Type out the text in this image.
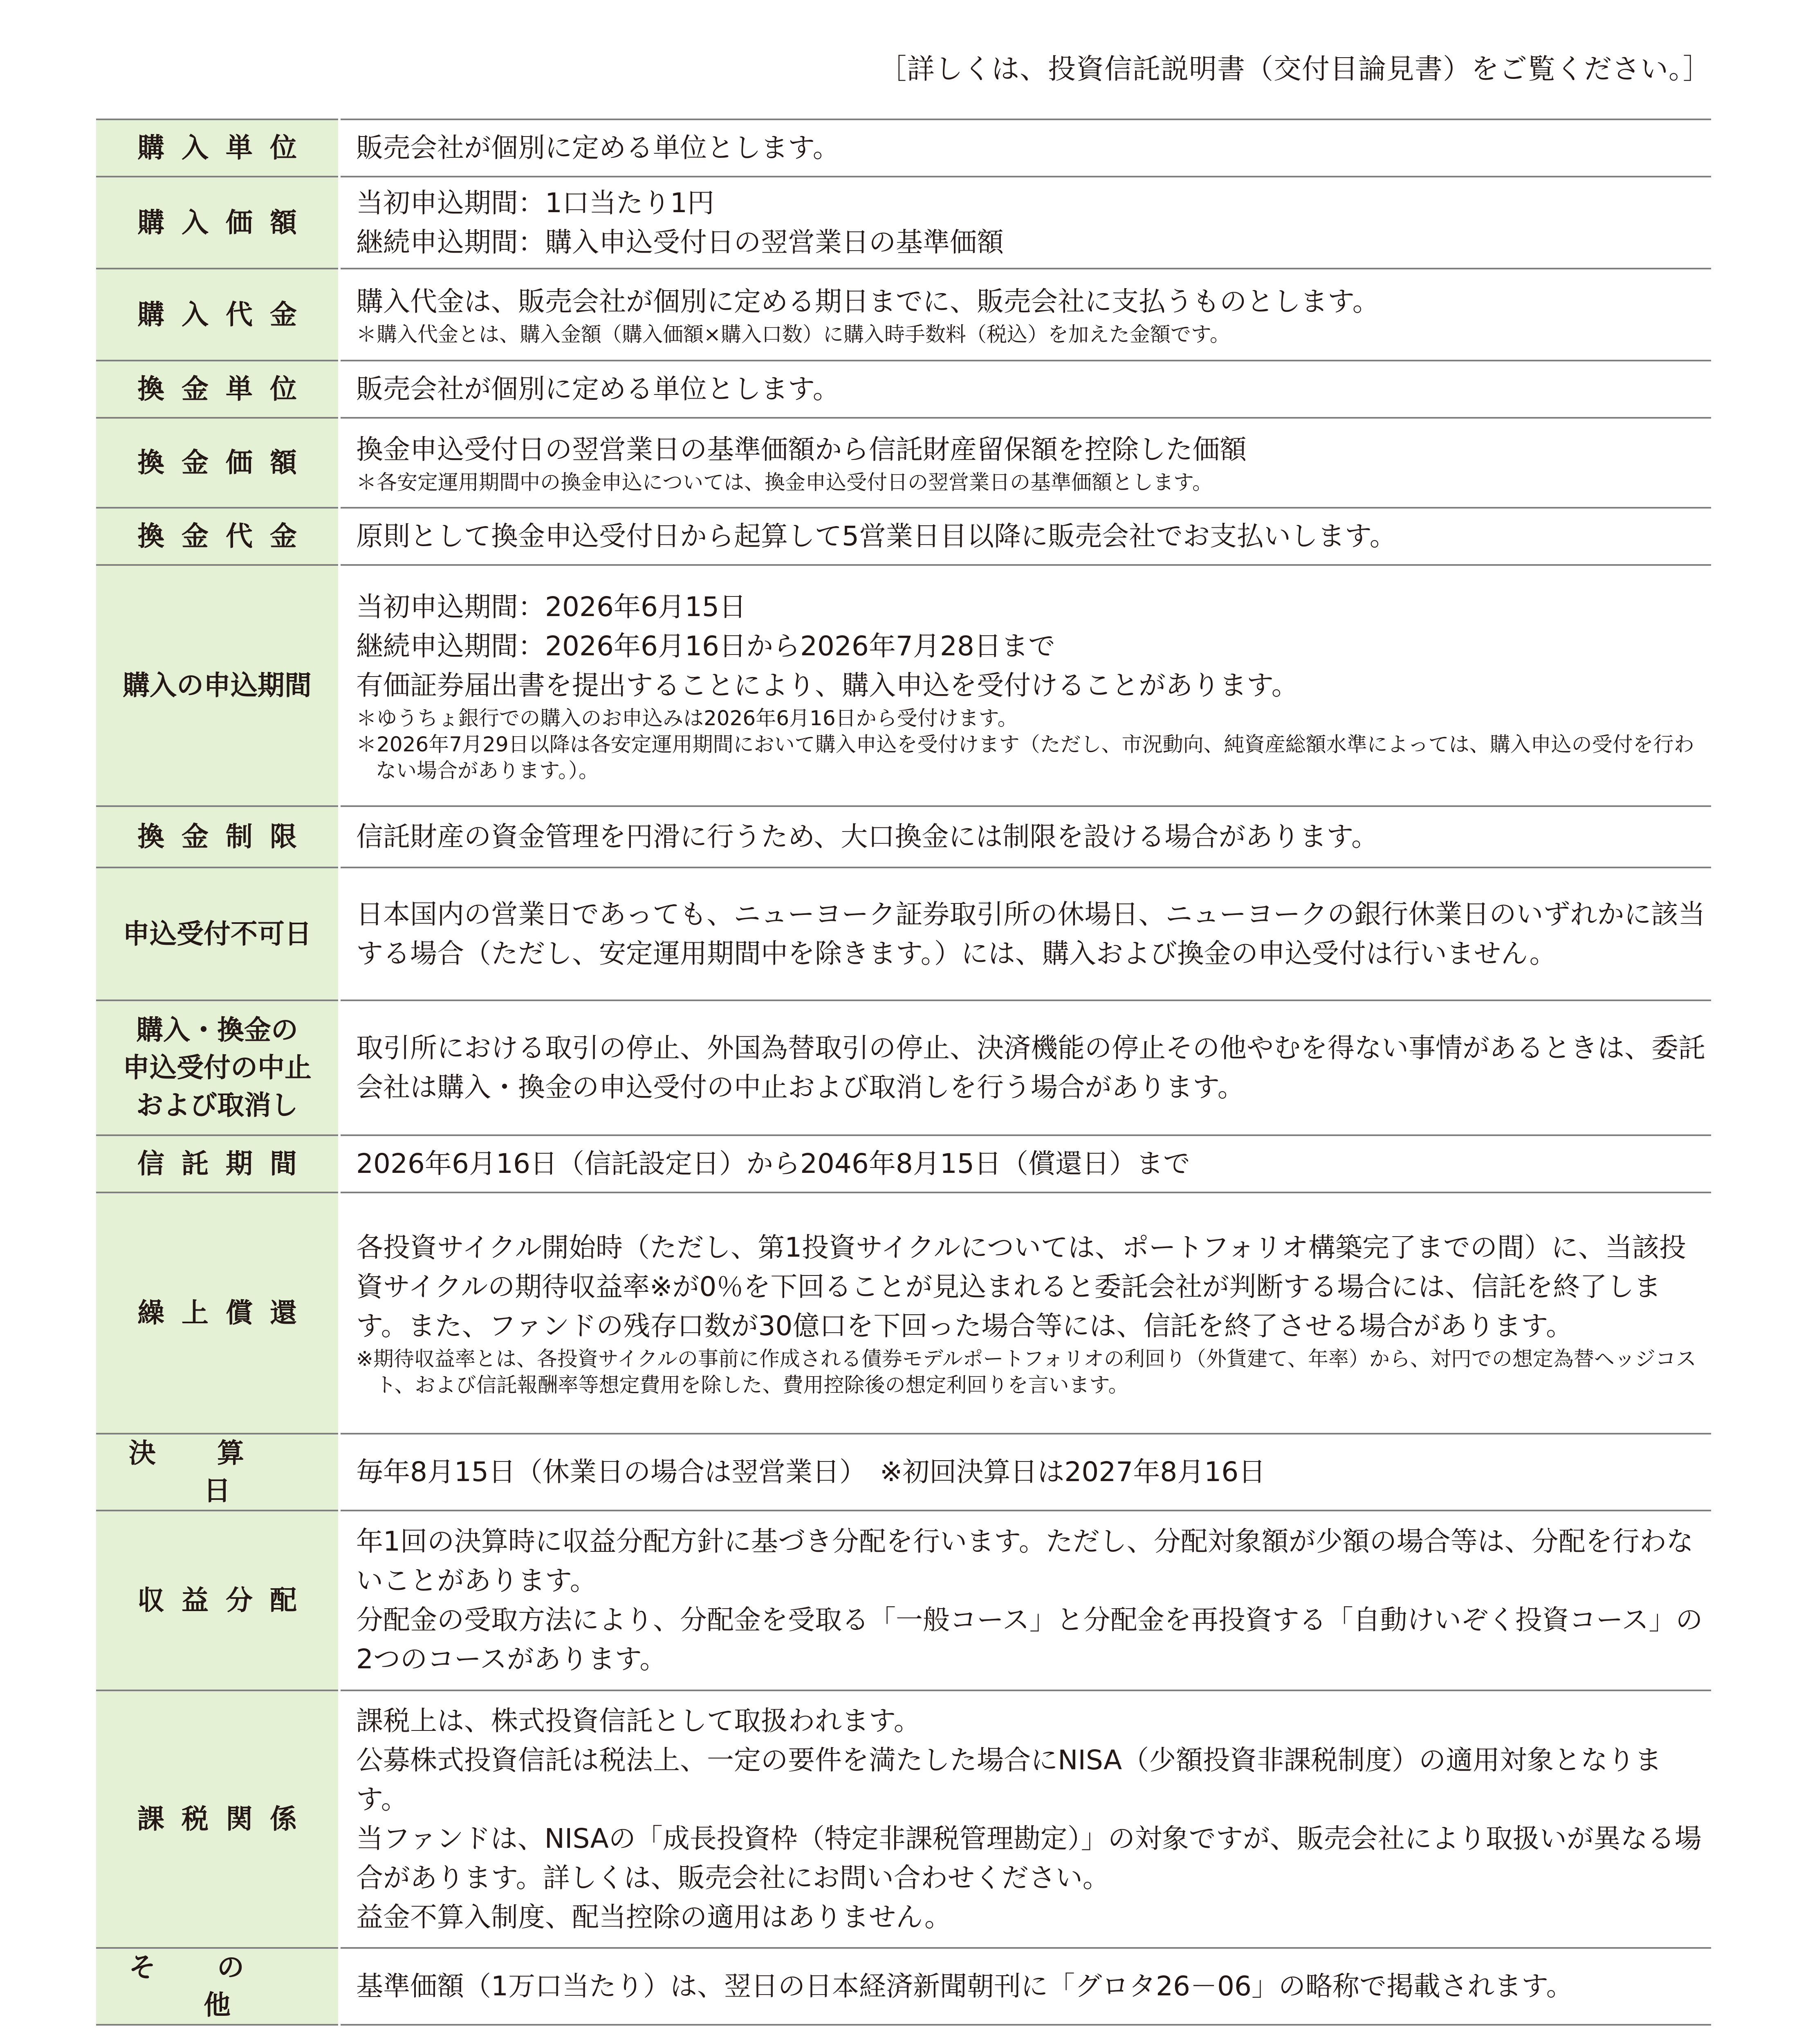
［詳しくは、投資信託説明書（交付目論見書）をご覧ください。］
購入単位	販売会社が個別に定める単位とします。

購入価額	当初申込期間：1口当たり1円
継続申込期間：購入申込受付日の翌営業日の基準価額

購入代金	購入代金は、販売会社が個別に定める期日までに、販売会社に支払うものとします。
＊購入代金とは、購入金額（購入価額×購入口数）に購入時手数料（税込）を加えた金額です。

換金単位	販売会社が個別に定める単位とします。

換金価額	換金申込受付日の翌営業日の基準価額から信託財産留保額を控除した価額
＊各安定運用期間中の換金申込については、換金申込受付日の翌営業日の基準価額とします。

換金代金	原則として換金申込受付日から起算して5営業日目以降に販売会社でお支払いします。

購入の申込期間	当初申込期間：2026年6月15日
継続申込期間：2026年6月16日から2026年7月28日まで
有価証券届出書を提出することにより、購入申込を受付けることがあります。
＊ゆうちょ銀行での購入のお申込みは2026年6月16日から受付けます。
＊2026年7月29日以降は各安定運用期間において購入申込を受付けます（ただし、市況動向、純資産総額水準によっては、購入申込の受付を行わない場合があります。）。

換金制限	信託財産の資金管理を円滑に行うため、大口換金には制限を設ける場合があります。

申込受付不可日	日本国内の営業日であっても、ニューヨーク証券取引所の休場日、ニューヨークの銀行休業日のいずれかに該当する場合（ただし、安定運用期間中を除きます。）には、購入および換金の申込受付は行いません。

購入・換金の
申込受付の中止
および取消し	取引所における取引の停止、外国為替取引の停止、決済機能の停止その他やむを得ない事情があるときは、委託会社は購入・換金の申込受付の中止および取消しを行う場合があります。

信託期間	2026年6月16日（信託設定日）から2046年8月15日（償還日）まで

繰上償還	各投資サイクル開始時（ただし、第1投資サイクルについては、ポートフォリオ構築完了までの間）に、当該投資サイクルの期待収益率※が0％を下回ることが見込まれると委託会社が判断する場合には、信託を終了します。また、ファンドの残存口数が30億口を下回った場合等には、信託を終了させる場合があります。
※期待収益率とは、各投資サイクルの事前に作成される債券モデルポートフォリオの利回り（外貨建て、年率）から、対円での想定為替ヘッジコスト、および信託報酬率等想定費用を除した、費用控除後の想定利回りを言います。

決算日	毎年8月15日（休業日の場合は翌営業日）　※初回決算日は2027年8月16日

収益分配	年1回の決算時に収益分配方針に基づき分配を行います。ただし、分配対象額が少額の場合等は、分配を行わないことがあります。
分配金の受取方法により、分配金を受取る「一般コース」と分配金を再投資する「自動けいぞく投資コース」の2つのコースがあります。

課税関係	課税上は、株式投資信託として取扱われます。
公募株式投資信託は税法上、一定の要件を満たした場合にNISA（少額投資非課税制度）の適用対象となります。
当ファンドは、NISAの「成長投資枠（特定非課税管理勘定）」の対象ですが、販売会社により取扱いが異なる場合があります。詳しくは、販売会社にお問い合わせください。
益金不算入制度、配当控除の適用はありません。

その他	基準価額（1万口当たり）は、翌日の日本経済新聞朝刊に「グロタ26－06」の略称で掲載されます。
